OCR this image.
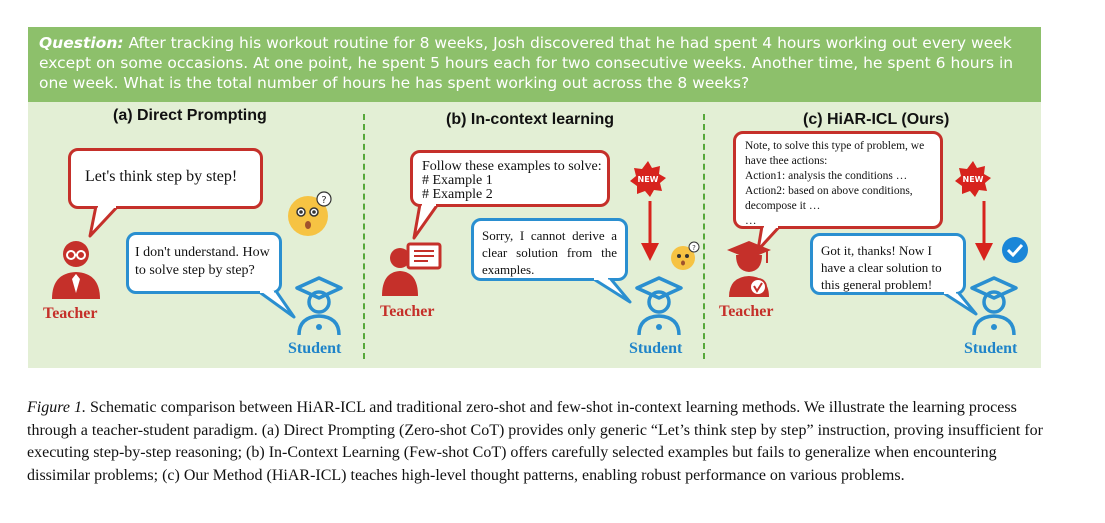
Question: After tracking his workout routine for 8 weeks, Josh discovered that he had spent 4 hours working out every week except on some occasions. At one point, he spent 5 hours each for two consecutive weeks. Another time, he spent 6 hours in one week. What is the total number of hours he has spent working out across the 8 weeks?
(a) Direct Prompting
Let's think step by step!
I don't understand. How to solve step by step?
Teacher
?
Student
(b) In-context learning
Follow these examples to solve:
# Example 1
# Example 2
Sorry, I cannot derive a clear solution from the examples.
Teacher
NEW
?
Student
(c) HiAR-ICL (Ours)
Note, to solve this type of problem, we have thee actions:
Action1: analysis the conditions …
Action2: based on above conditions, decompose it …
…
Got it, thanks! Now I have a clear solution to this general problem!
Teacher
NEW
Student
Figure 1. Schematic comparison between HiAR-ICL and traditional zero-shot and few-shot in-context learning methods. We illustrate the learning process through a teacher-student paradigm. (a) Direct Prompting (Zero-shot CoT) provides only generic “Let’s think step by step” instruction, proving insufficient for executing step-by-step reasoning; (b) In-Context Learning (Few-shot CoT) offers carefully selected examples but fails to generalize when encountering dissimilar problems; (c) Our Method (HiAR-ICL) teaches high-level thought patterns, enabling robust performance on various problems.
